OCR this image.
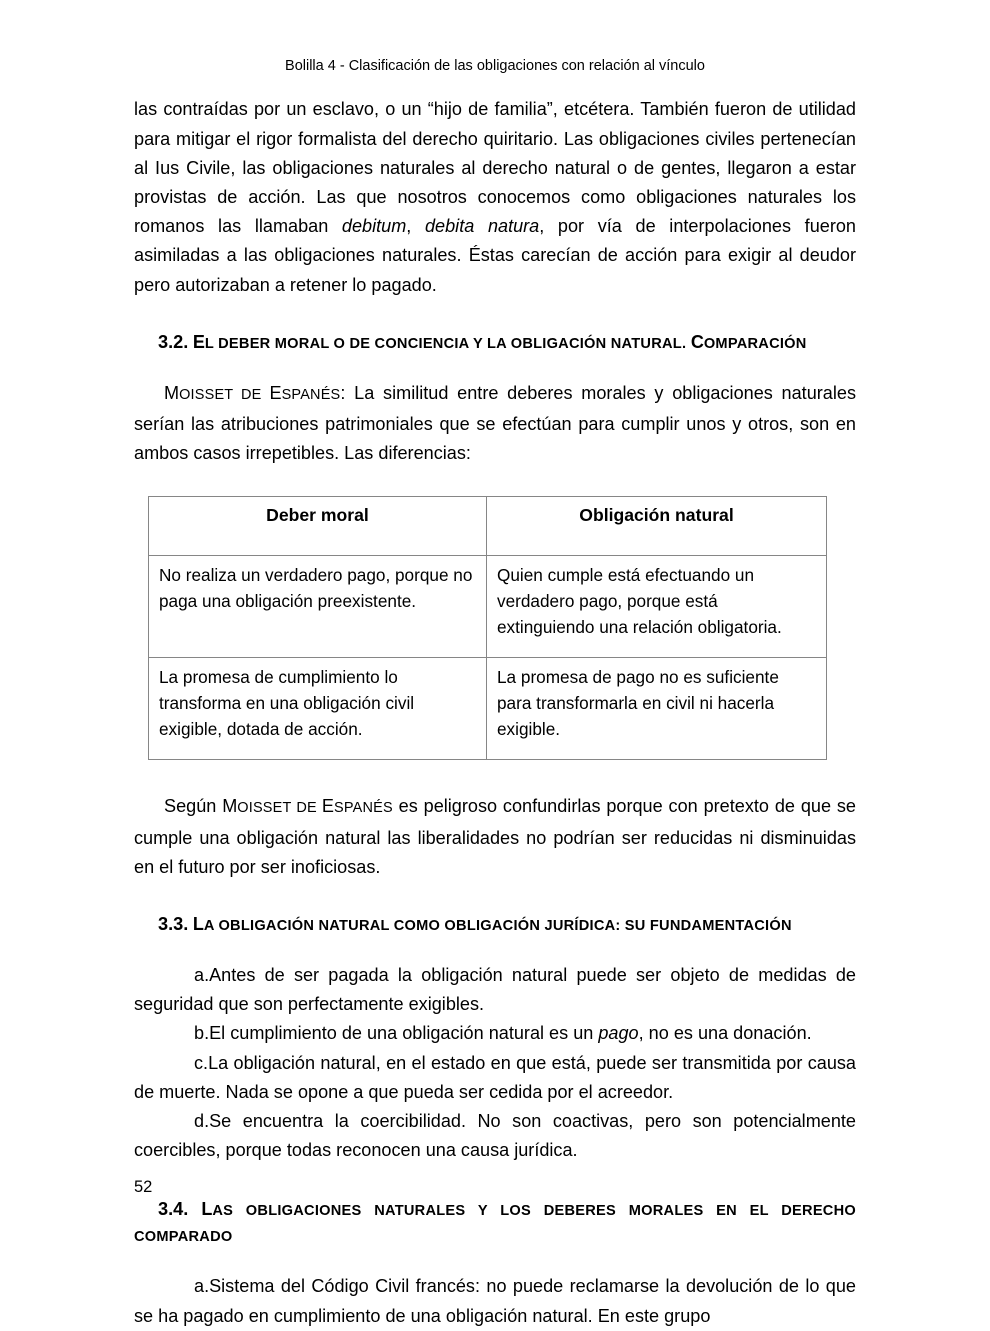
Bolilla 4 - Clasificación de las obligaciones con relación al vínculo

las contraídas por un esclavo, o un “hijo de familia”, etcétera. También fueron de utilidad para mitigar el rigor formalista del derecho quiritario. Las obligaciones civiles pertenecían al Ius Civile, las obligaciones naturales al derecho natural o de gentes, llegaron a estar provistas de acción. Las que nosotros conocemos como obligaciones naturales los romanos las llamaban debitum, debita natura, por vía de interpolaciones fueron asimiladas a las obligaciones naturales. Éstas carecían de acción para exigir al deudor pero autorizaban a retener lo pagado.

3.2. EL DEBER MORAL O DE CONCIENCIA Y LA OBLIGACIÓN NATURAL. COMPARACIÓN

MOISSET DE ESPANÉS: La similitud entre deberes morales y obligaciones naturales serían las atribuciones patrimoniales que se efectúan para cumplir unos y otros, son en ambos casos irrepetibles. Las diferencias:

Deber moral	Obligación natural
No realiza un verdadero pago, porque no paga una obligación preexistente.	Quien cumple está efectuando un verdadero pago, porque está extinguiendo una relación obligatoria.
La promesa de cumplimiento lo transforma en una obligación civil exigible, dotada de acción.	La promesa de pago no es suficiente para transformarla en civil ni hacerla exigible.

Según MOISSET DE ESPANÉS es peligroso confundirlas porque con pretexto de que se cumple una obligación natural las liberalidades no podrían ser reducidas ni disminuidas en el futuro por ser inoficiosas.

3.3. LA OBLIGACIÓN NATURAL COMO OBLIGACIÓN JURÍDICA: SU FUNDAMENTACIÓN

a.Antes de ser pagada la obligación natural puede ser objeto de medidas de seguridad que son perfectamente exigibles.

b.El cumplimiento de una obligación natural es un pago, no es una donación.

c.La obligación natural, en el estado en que está, puede ser transmitida por causa de muerte. Nada se opone a que pueda ser cedida por el acreedor.

d.Se encuentra la coercibilidad. No son coactivas, pero son potencialmente coercibles, porque todas reconocen una causa jurídica.

3.4. LAS OBLIGACIONES NATURALES Y LOS DEBERES MORALES EN EL DERECHO COMPARADO

a.Sistema del Código Civil francés: no puede reclamarse la devolución de lo que se ha pagado en cumplimiento de una obligación natural. En este grupo

52
